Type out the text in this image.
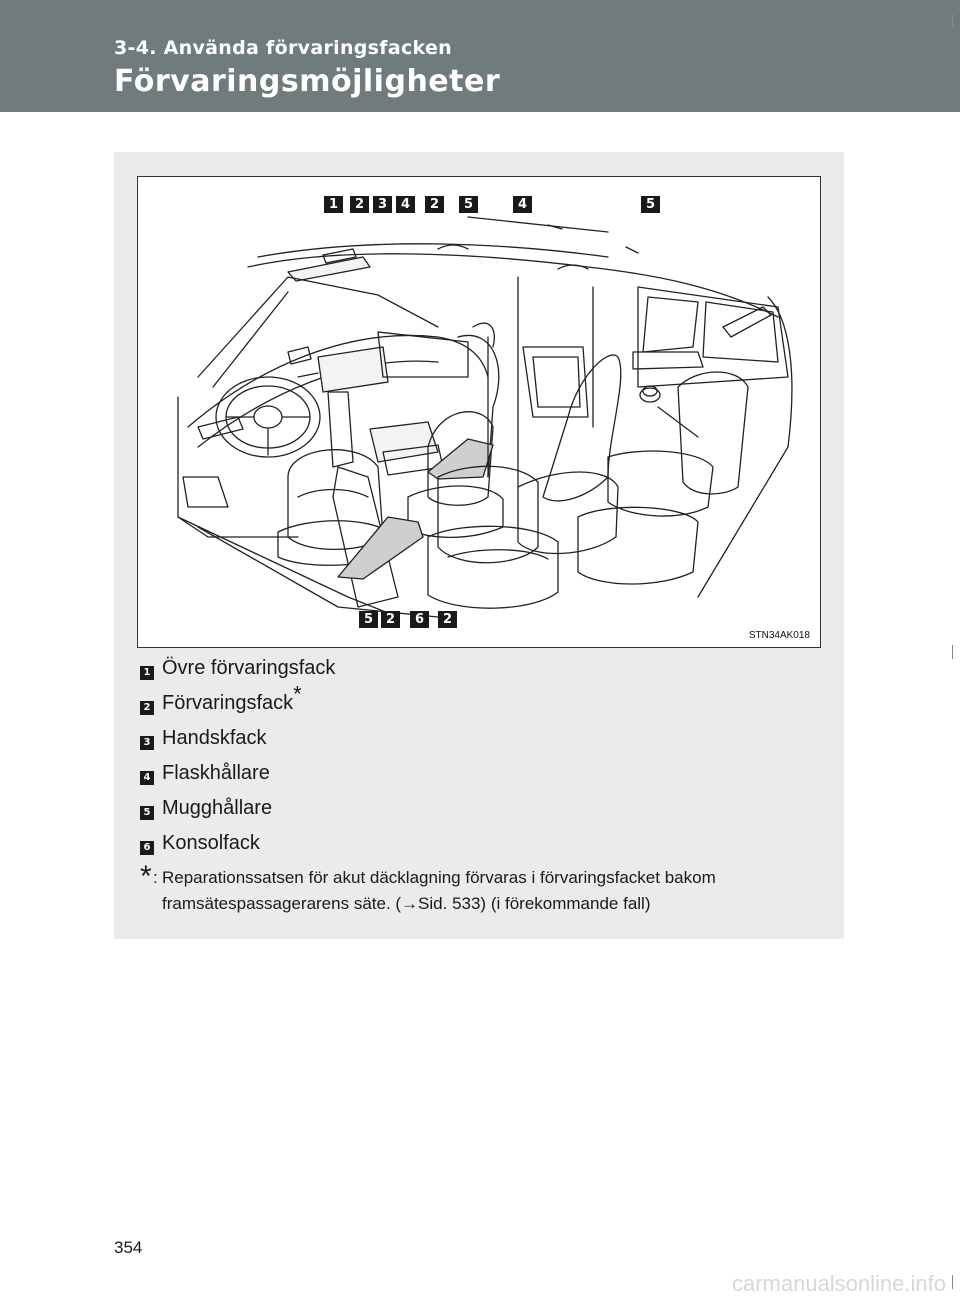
3-4. Använda förvaringsfacken
Förvaringsmöjligheter
1	2	3	4	2	5	4	5
5 2	6	2
STN34AK018
1 Övre förvaringsfack
2 Förvaringsfack*
3 Handskfack
4 Flaskhållare
5 Mugghållare
6 Konsolfack
* : Reparationssatsen för akut däcklagning förvaras i förvaringsfacket bakom
framsätespassagerarens säte. (→Sid. 533) (i förekommande fall)
354
carmanualsonline.info
